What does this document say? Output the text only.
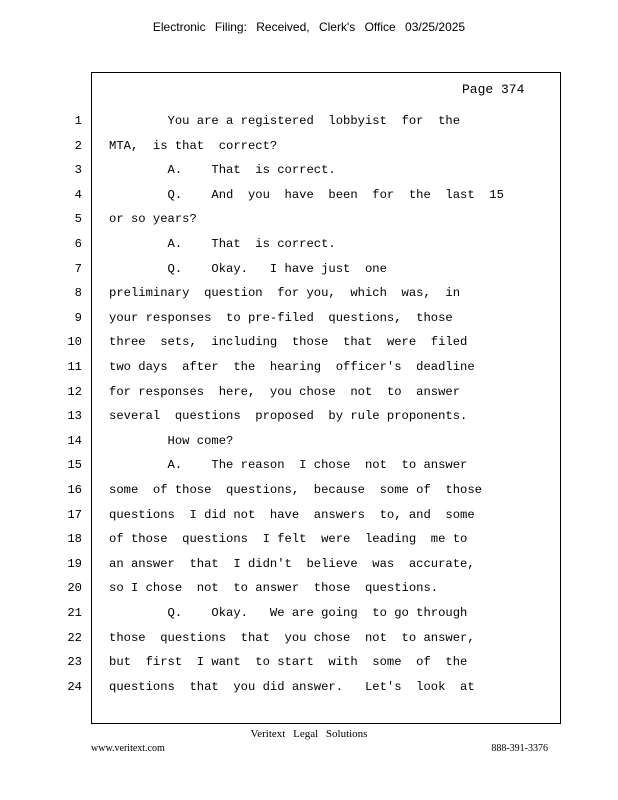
Electronic Filing: Received, Clerk's Office 03/25/2025
Page 374
1 You are a registered  lobbyist  for  the
2 MTA,  is that  correct?
3 A.    That  is correct.
4 Q.    And  you  have  been  for  the  last  15
5 or so years?
6 A.    That  is correct.
7 Q.    Okay.   I have just  one
8 preliminary  question  for you,  which  was,  in
9 your responses  to pre-filed  questions,  those
10 three  sets,  including  those  that  were  filed
11 two days  after  the  hearing  officer's  deadline
12 for responses  here,  you chose  not  to  answer
13 several  questions  proposed  by rule proponents.
14 How come?
15 A.    The reason  I chose  not  to answer
16 some  of those  questions,  because  some of  those
17 questions  I did not  have  answers  to, and  some
18 of those  questions  I felt  were  leading  me to
19 an answer  that  I didn't  believe  was  accurate,
20 so I chose  not  to answer  those  questions.
21 Q.    Okay.   We are going  to go through
22 those  questions  that  you chose  not  to answer,
23 but  first  I want  to start  with  some  of  the
24 questions  that  you did answer.   Let's  look  at
Veritext Legal Solutions
www.veritext.com	888-391-3376
